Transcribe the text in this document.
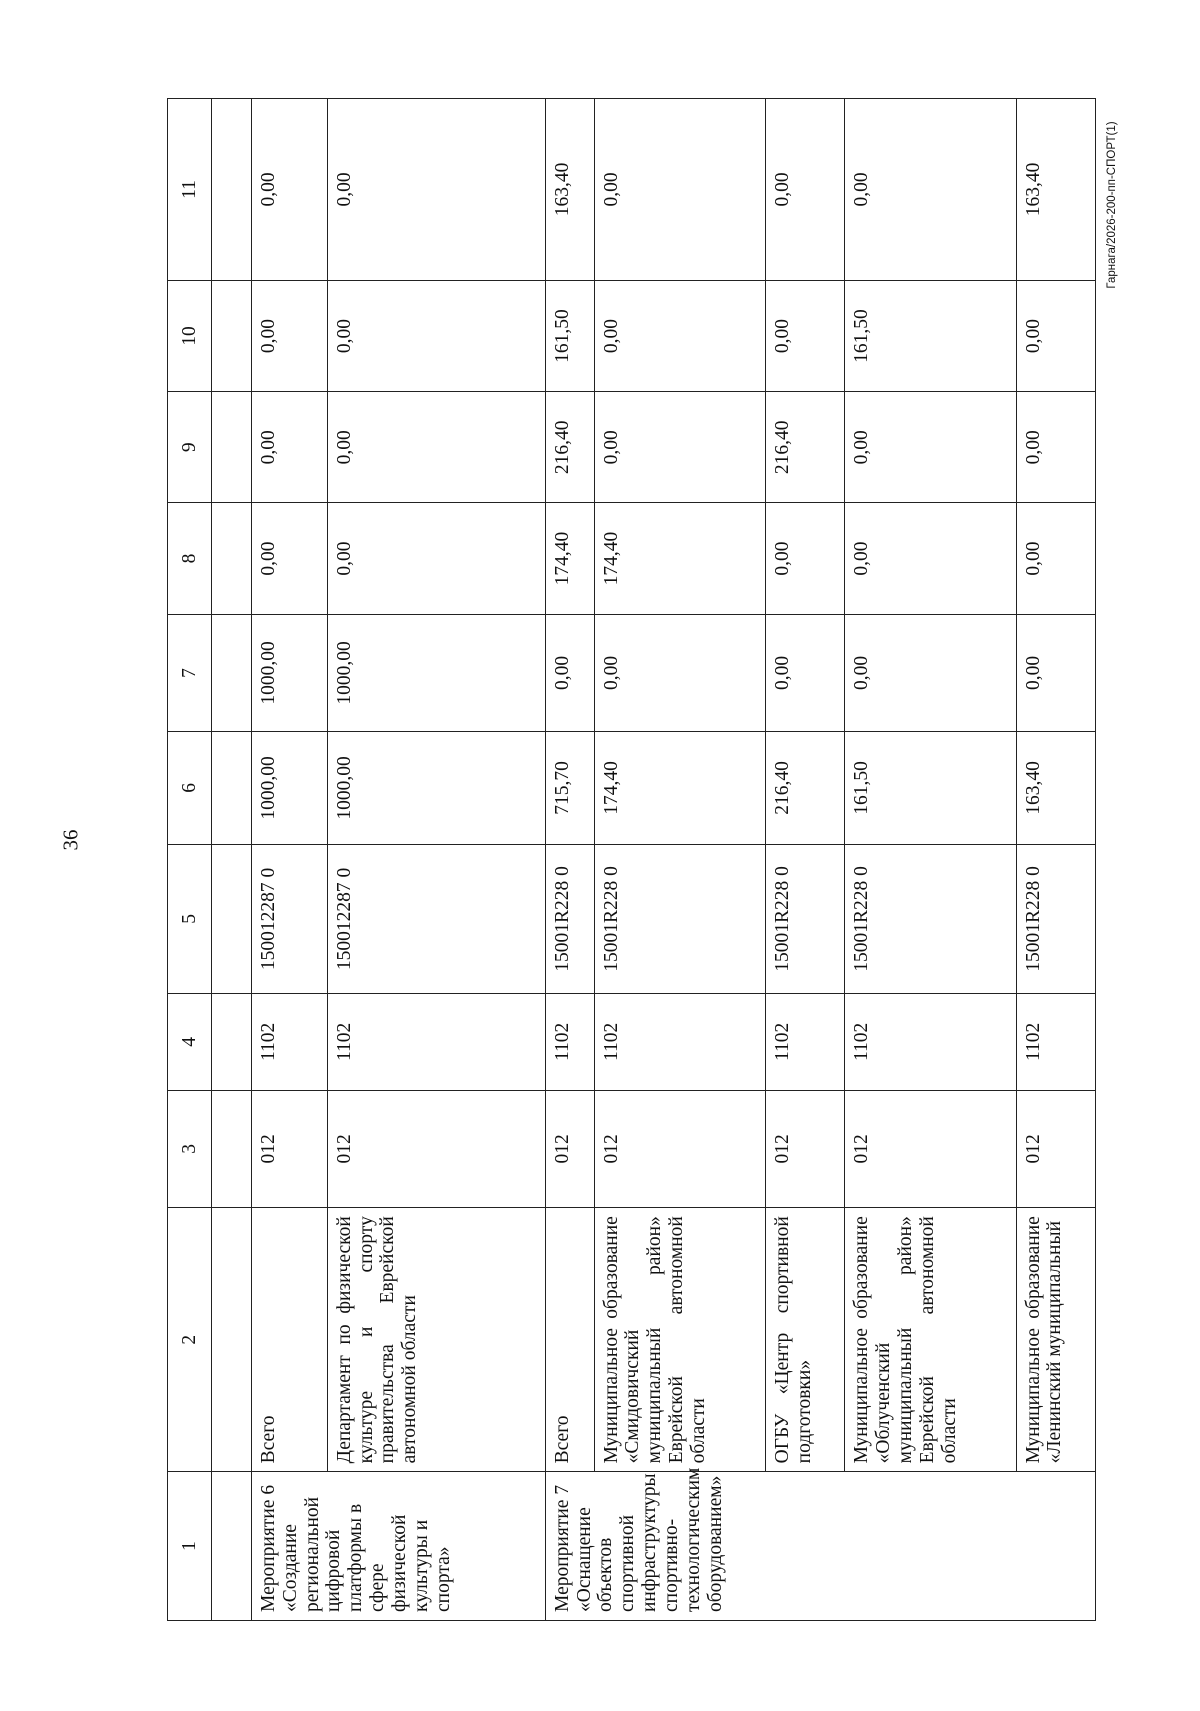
36
Гарнага/2026-200-пп-СПОРТ(1)
1	2	3	4	5	6	7	8	9	10	11

Мероприятие 6 «Создание региональной цифровой платформы в сфере физической культуры и спорта»	Всего	012	1102	150012287 0	1000,00	1000,00	0,00	0,00	0,00	0,00
	Департамент по физической культуре и спорту правительства Еврейской автономной области	012	1102	150012287 0	1000,00	1000,00	0,00	0,00	0,00	0,00
Мероприятие 7 «Оснащение объектов спортивной инфраструктуры спортивно-технологическим оборудованием»	Всего	012	1102	15001R228 0	715,70	0,00	174,40	216,40	161,50	163,40
	Муниципальное образование «Смидовичский муниципальный район» Еврейской автономной области	012	1102	15001R228 0	174,40	0,00	174,40	0,00	0,00	0,00
	ОГБУ «Центр спортивной подготовки»	012	1102	15001R228 0	216,40	0,00	0,00	216,40	0,00	0,00
	Муниципальное образование «Облученский муниципальный район» Еврейской автономной области	012	1102	15001R228 0	161,50	0,00	0,00	0,00	161,50	0,00
	Муниципальное образование «Ленинский муниципальный	012	1102	15001R228 0	163,40	0,00	0,00	0,00	0,00	163,40
